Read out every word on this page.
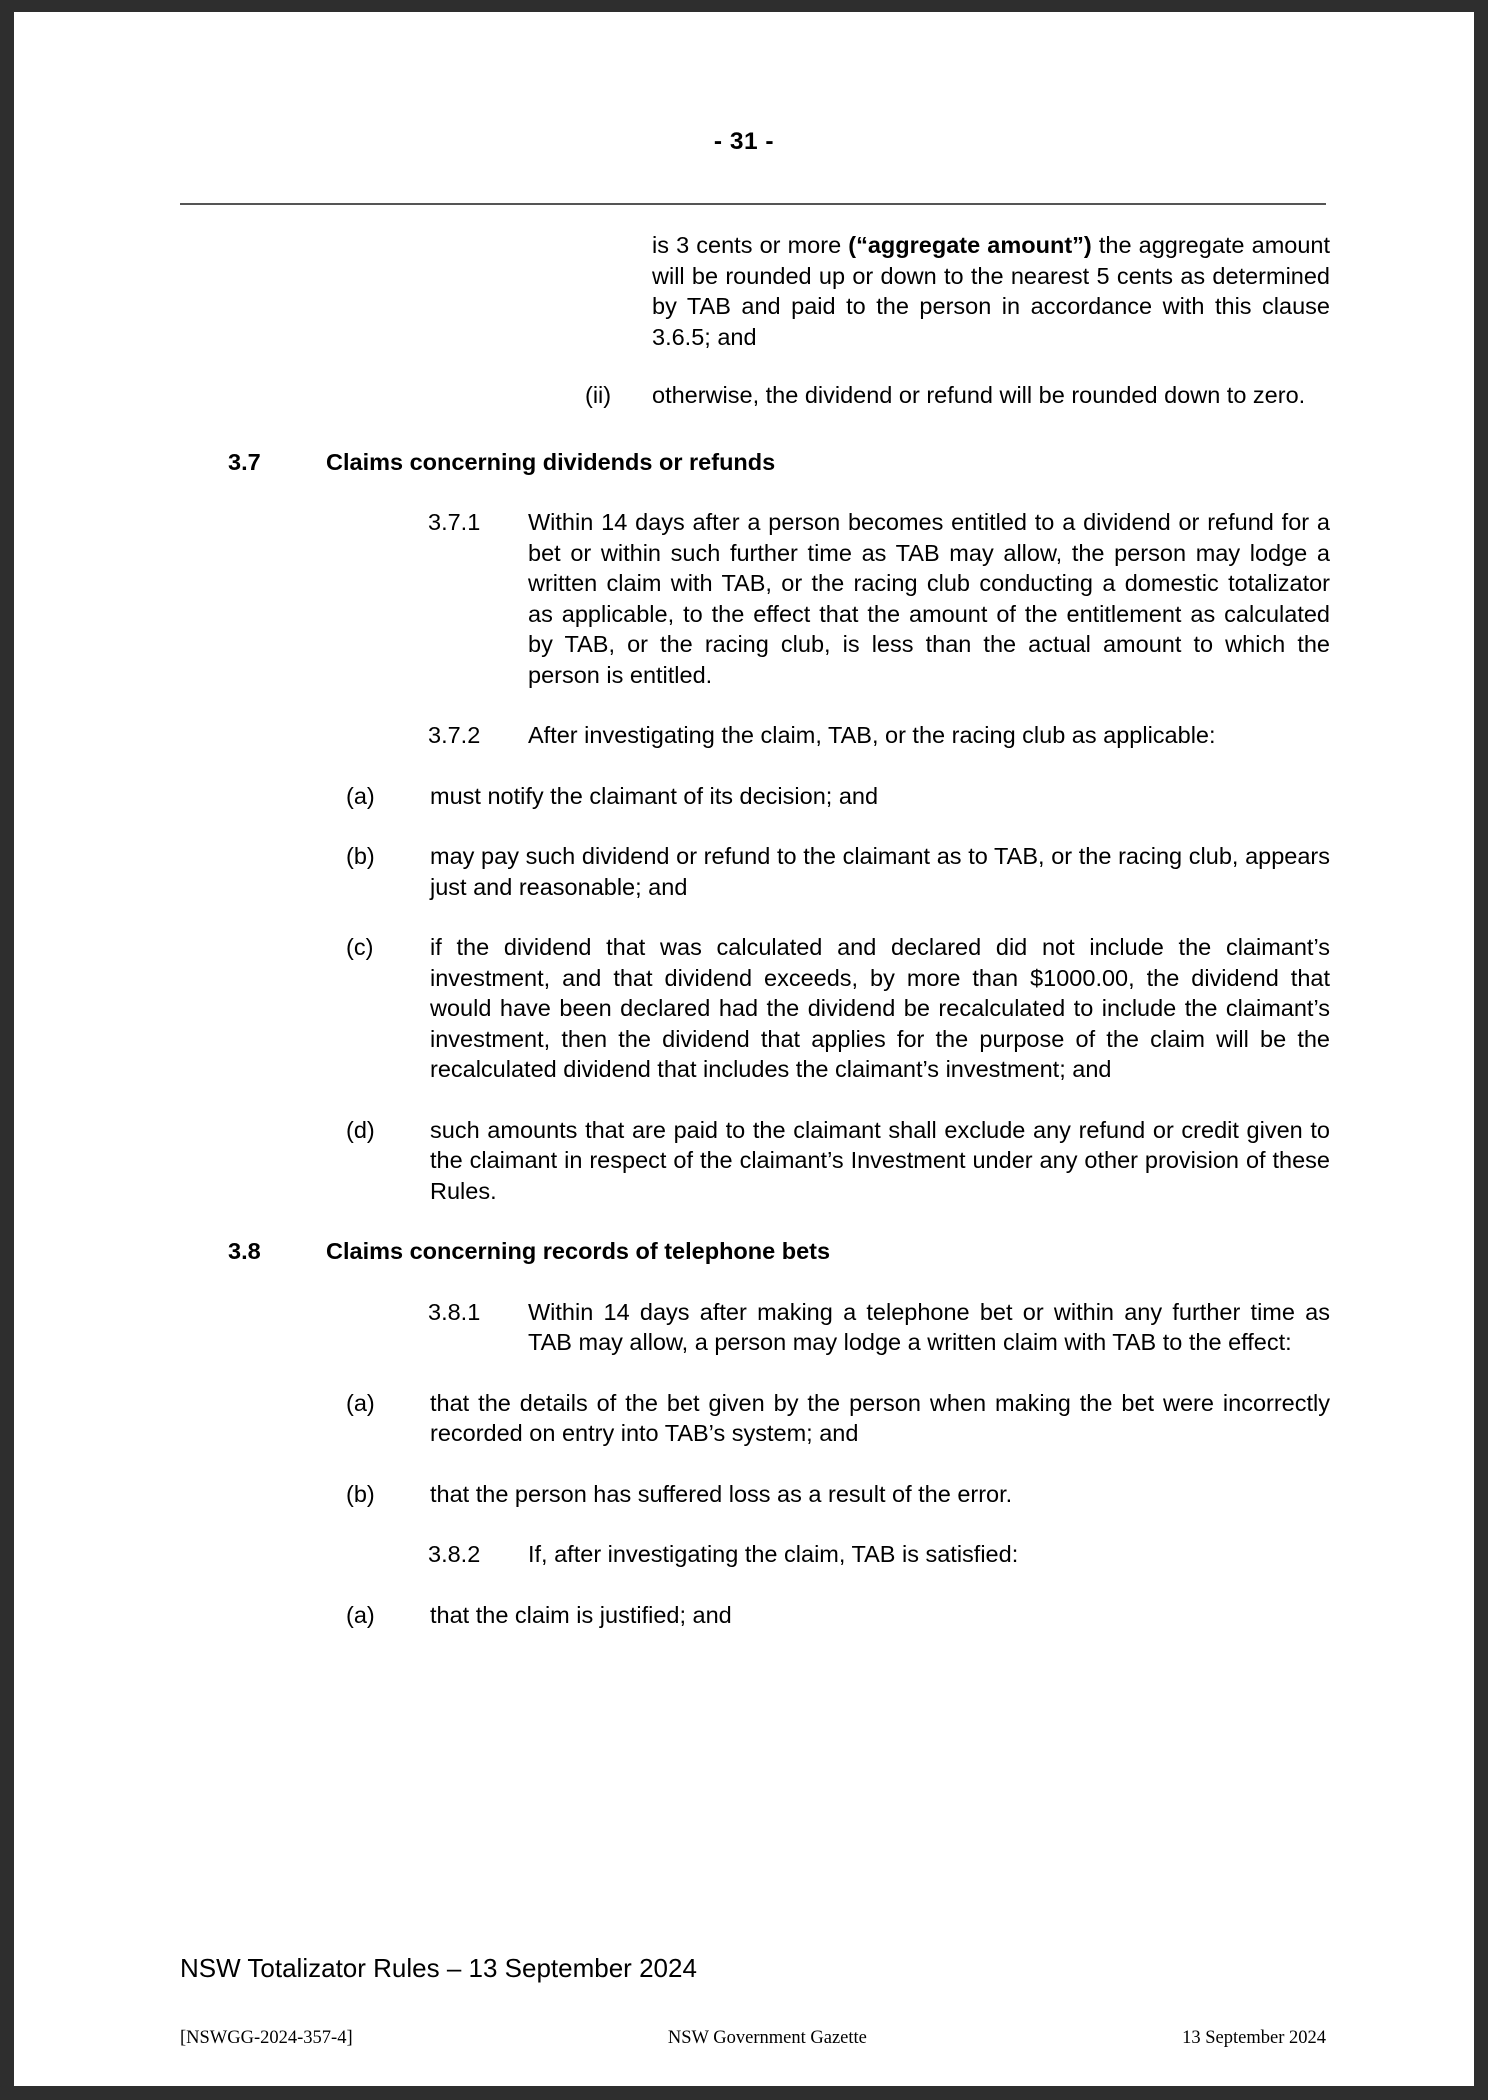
- 31 -
is 3 cents or more (“aggregate amount”) the aggregate amount will be rounded up or down to the nearest 5 cents as determined by TAB and paid to the person in accordance with this clause 3.6.5; and
(ii) otherwise, the dividend or refund will be rounded down to zero.
3.7	Claims concerning dividends or refunds
3.7.1 Within 14 days after a person becomes entitled to a dividend or refund for a bet or within such further time as TAB may allow, the person may lodge a written claim with TAB, or the racing club conducting a domestic totalizator as applicable, to the effect that the amount of the entitlement as calculated by TAB, or the racing club, is less than the actual amount to which the person is entitled.
3.7.2 After investigating the claim, TAB, or the racing club as applicable:
(a) must notify the claimant of its decision; and
(b) may pay such dividend or refund to the claimant as to TAB, or the racing club, appears just and reasonable; and
(c) if the dividend that was calculated and declared did not include the claimant’s investment, and that dividend exceeds, by more than $1000.00, the dividend that would have been declared had the dividend be recalculated to include the claimant’s investment, then the dividend that applies for the purpose of the claim will be the recalculated dividend that includes the claimant’s investment; and
(d) such amounts that are paid to the claimant shall exclude any refund or credit given to the claimant in respect of the claimant’s Investment under any other provision of these Rules.
3.8	Claims concerning records of telephone bets
3.8.1 Within 14 days after making a telephone bet or within any further time as TAB may allow, a person may lodge a written claim with TAB to the effect:
(a) that the details of the bet given by the person when making the bet were incorrectly recorded on entry into TAB’s system; and
(b) that the person has suffered loss as a result of the error.
3.8.2 If, after investigating the claim, TAB is satisfied:
(a) that the claim is justified; and
NSW Totalizator Rules – 13 September 2024
[NSWGG-2024-357-4]	NSW Government Gazette	13 September 2024
